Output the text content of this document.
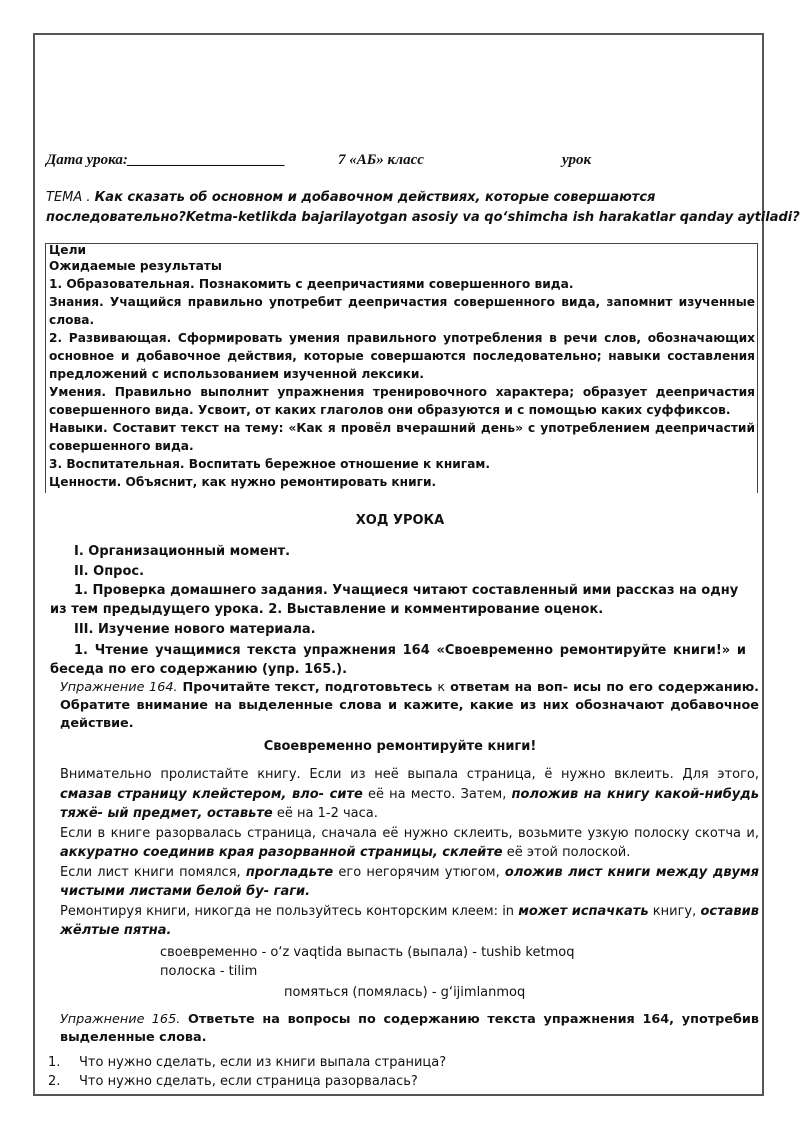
Дата урока:_____________________	7 «АБ» класс	урок
ТЕМА . Как сказать об основном и добавочном действиях, которые совершаются
последовательно?Ketma-ketlikda bajarilayotgan asosiy va qo‘shimcha ish harakatlar qanday aytiladi?
Цели
Ожидаемые результаты
1. Образовательная. Познакомить с деепричастиями совершенного вида.
Знания. Учащийся правильно употребит деепричастия совершенного вида, запомнит изученные слова.
2. Развивающая. Сформировать умения правильного употребления в речи слов, обозначающих основное и добавочное действия, которые совершаются последовательно; навыки составления предложений с использованием изученной лексики.
Умения. Правильно выполнит упражнения тренировочного характера; образует деепричастия совершенного вида. Усвоит, от каких глаголов они образуются и с помощью каких суффиксов.
Навыки. Составит текст на тему: «Как я провёл вчерашний день» с употреблением деепричастий совершенного вида.
3. Воспитательная. Воспитать бережное отношение к книгам.
Ценности. Объяснит, как нужно ремонтировать книги.
ХОД УРОКА
I. Организационный момент.
II. Опрос.
1. Проверка домашнего задания. Учащиеся читают составленный ими рассказ на одну
из тем предыдущего урока. 2. Выставление и комментирование оценок.
III. Изучение нового материала.
1. Чтение учащимися текста упражнения 164 «Своевременно ремонтируйте книги!» и беседа по его содержанию (упр. 165.).
Упражнение 164. Прочитайте текст, подготовьтесь к ответам на воп- исы по его содержанию. Обратите внимание на выделенные слова и кажите, какие из них обозначают добавочное действие.
Своевременно ремонтируйте книги!
Внимательно пролистайте книгу. Если из неё выпала страница, ё нужно вклеить. Для этого, смазав страницу клейстером, вло- сите её на место. Затем, положив на книгу какой-нибудь тяжё- ый предмет, оставьте её на 1-2 часа.
Если в книге разорвалась страница, сначала её нужно склеить, возьмите узкую полоску скотча и, аккуратно соединив края разорванной страницы, склейте её этой полоской.
Если лист книги помялся, прогладьте его негорячим утюгом, оложив лист книги между двумя чистыми листами белой бу- гаги.
Ремонтируя книги, никогда не пользуйтесь конторским клеем: in может испачкать книгу, оставив жёлтые пятна.
своевременно - o‘z vaqtida выпасть (выпала) - tushib ketmoq
полоска - tilim
помяться (помялась) - g‘ijimlanmoq
Упражнение 165. Ответьте на вопросы по содержанию текста упражнения 164, употребив выделенные слова.
1. Что нужно сделать, если из книги выпала страница?
2. Что нужно сделать, если страница разорвалась?
